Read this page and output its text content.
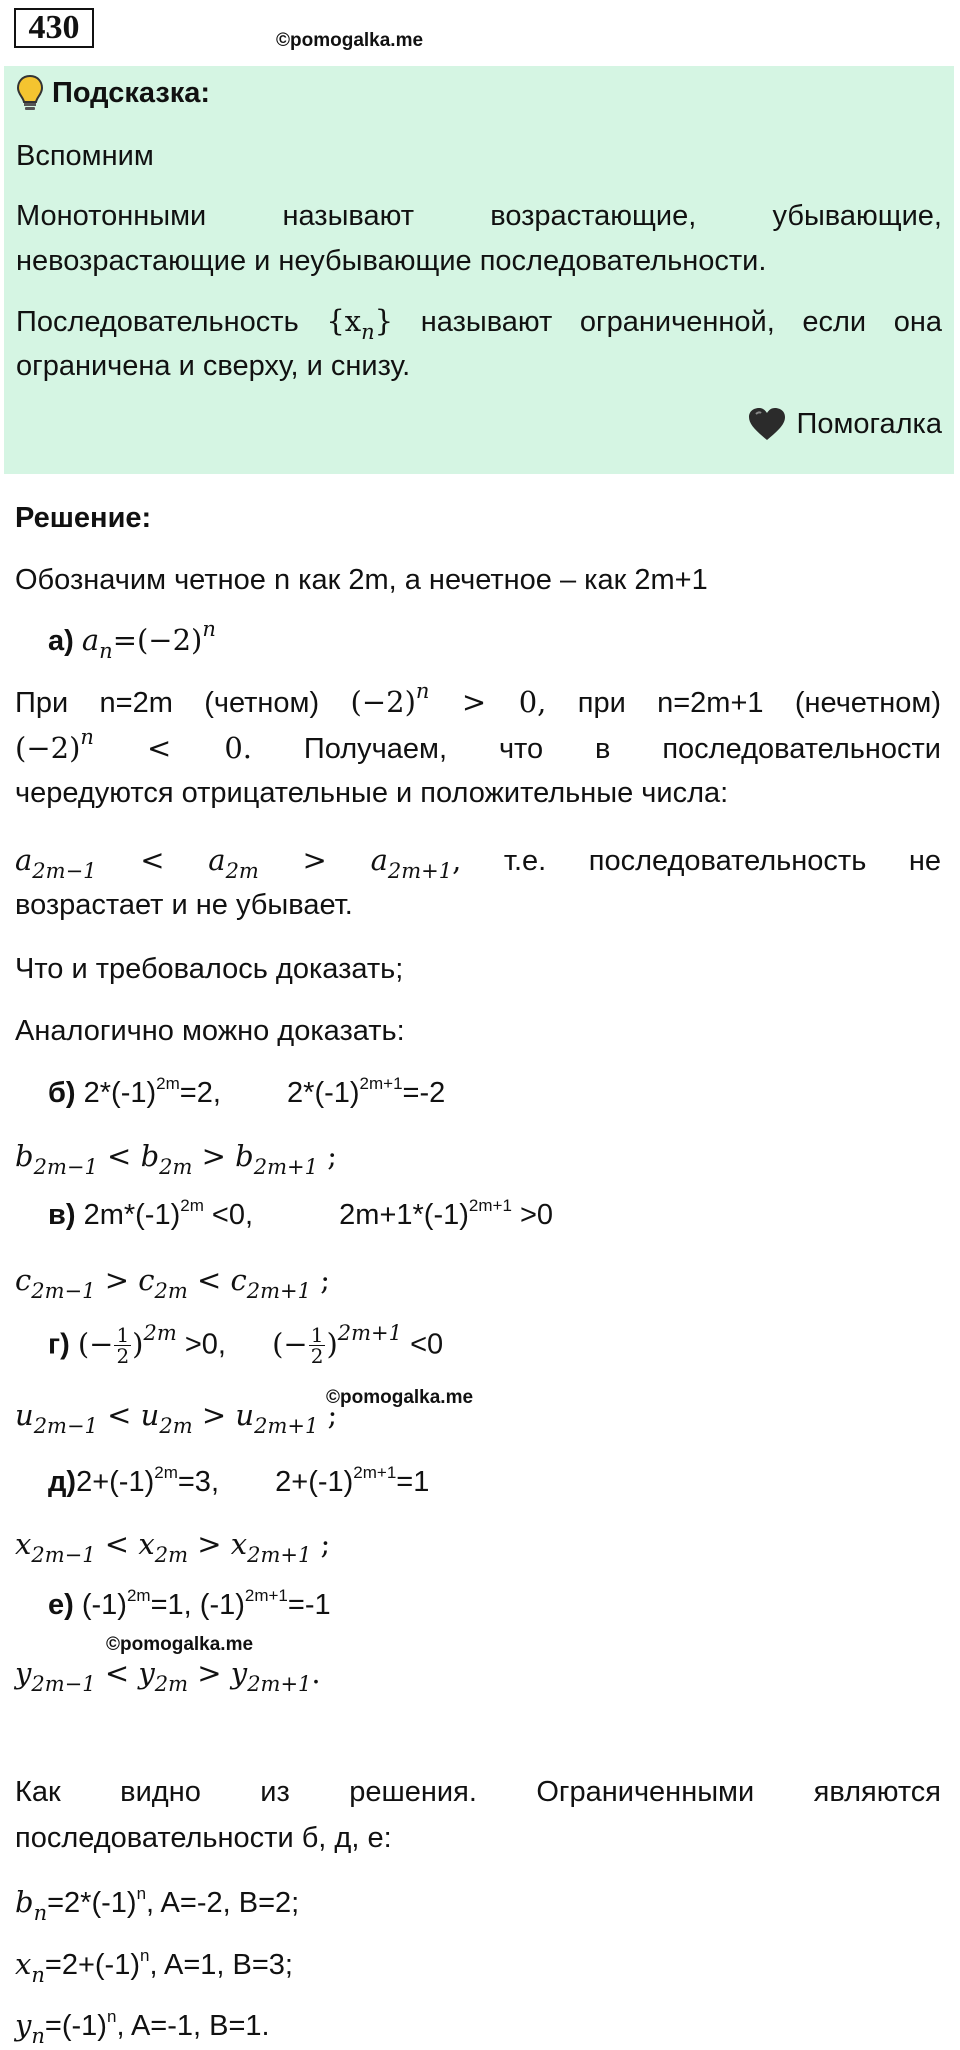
430	©pomogalka.me
Подсказка:
Вспомним
Монотонными называют возрастающие, убывающие,
невозрастающие и неубывающие последовательности.
Последовательность $\{x_n\}$ называют ограниченной, если она
ограничена и сверху, и снизу.
Помогалка
Решение:
Обозначим четное n как 2m, а нечетное – как 2m+1
а) $a_n=(-2)^n$
При n=2m (четном) $(-2)^n > 0$, при n=2m+1 (нечетном)
$(-2)^n < 0$. Получаем, что в последовательности
чередуются отрицательные и положительные числа:
$a_{2m-1} < a_{2m} > a_{2m+1}$, т.е. последовательность не
возрастает и не убывает.
Что и требовалось доказать;
Аналогично можно доказать:
б) $2*(-1)^{2m}=2$, $2*(-1)^{2m+1}=-2$
$b_{2m-1} < b_{2m} > b_{2m+1}$ ;
в) $2m*(-1)^{2m} <0$,	$2m+1*(-1)^{2m+1} >0$
$c_{2m-1} > c_{2m} < c_{2m+1}$ ;
г) (− $\frac{1}{2} )^{2m} >0$, (− $\frac{1}{2} )^{2m+1} <0$
©pomogalka.me
$u_{2m-1} < u_{2m} > u_{2m+1}$ ;
$д)2+(-1)^{2m}=3$, $2+(-1)^{2m+1}=1$
$x_{2m-1} < x_{2m} > x_{2m+1}$ ;
е) $(-1)^{2m}=1$, $(-1)^{2m+1}=-1$
©pomogalka.me
$y_{2m-1} < y_{2m} > y_{2m+1}$.
Как видно из решения. Ограниченными являются
последовательности б, д, е:
$b_n=2*(-1)^n$, A=-2, B=2;
$x_n=2+(-1)^n$, A=1, B=3;
$y_n=(-1)^n$, A=-1, B=1.
